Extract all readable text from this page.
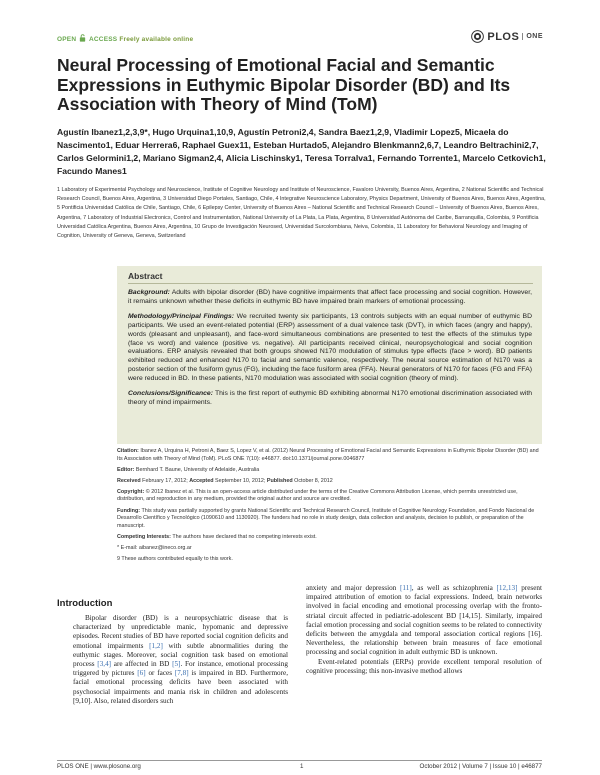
OPEN ACCESS Freely available online	PLOS	ONE
Neural Processing of Emotional Facial and Semantic Expressions in Euthymic Bipolar Disorder (BD) and Its Association with Theory of Mind (ToM)
Agustín Ibanez1,2,3,9*, Hugo Urquina1,10,9, Agustín Petroni2,4, Sandra Baez1,2,9, Vladimir Lopez5, Micaela do Nascimento1, Eduar Herrera6, Raphael Guex11, Esteban Hurtado5, Alejandro Blenkmann2,6,7, Leandro Beltrachini2,7, Carlos Gelormini1,2, Mariano Sigman2,4, Alicia Lischinsky1, Teresa Torralva1, Fernando Torrente1, Marcelo Cetkovich1, Facundo Manes1
1 Laboratory of Experimental Psychology and Neuroscience, Institute of Cognitive Neurology and Institute of Neuroscience, Favaloro University, Buenos Aires, Argentina, 2 National Scientific and Technical Research Council, Buenos Aires, Argentina, 3 Universidad Diego Portales, Santiago, Chile, 4 Integrative Neuroscience Laboratory, Physics Department, University of Buenos Aires, Buenos Aires, Argentina, 5 Pontificia Universidad Católica de Chile, Santiago, Chile, 6 Epilepsy Center, University of Buenos Aires – National Scientific and Technical Research Council – University of Buenos Aires, Buenos Aires, Argentina, 7 Laboratory of Industrial Electronics, Control and Instrumentation, National University of La Plata, La Plata, Argentina, 8 Universidad Autónoma del Caribe, Barranquilla, Colombia, 9 Pontificia Universidad Católica Argentina, Buenos Aires, Argentina, 10 Grupo de Investigación Neurosed, Universidad Surcolombiana, Neiva, Colombia, 11 Laboratory for Behavioral Neurology and Imaging of Cognition, University of Geneva, Geneva, Switzerland
Abstract

Background: Adults with bipolar disorder (BD) have cognitive impairments that affect face processing and social cognition. However, it remains unknown whether these deficits in euthymic BD have impaired brain markers of emotional processing.

Methodology/Principal Findings: We recruited twenty six participants, 13 controls subjects with an equal number of euthymic BD participants. We used an event-related potential (ERP) assessment of a dual valence task (DVT), in which faces (angry and happy), words (pleasant and unpleasant), and face-word simultaneous combinations are presented to test the effects of the stimulus type (face vs word) and valence (positive vs. negative). All participants received clinical, neuropsychological and social cognition evaluations. ERP analysis revealed that both groups showed N170 modulation of stimulus type effects (face > word). BD patients exhibited reduced and enhanced N170 to facial and semantic valence, respectively. The neural source estimation of N170 was a posterior section of the fusiform gyrus (FG), including the face fusiform area (FFA). Neural generators of N170 for faces (FG and FFA) were reduced in BD. In these patients, N170 modulation was associated with social cognition (theory of mind).

Conclusions/Significance: This is the first report of euthymic BD exhibiting abnormal N170 emotional discrimination associated with theory of mind impairments.

Citation: Ibanez A, Urquina H, Petroni A, Baez S, Lopez V, et al. (2012) Neural Processing of Emotional Facial and Semantic Expressions in Euthymic Bipolar Disorder (BD) and Its Association with Theory of Mind (ToM). PLoS ONE 7(10): e46877. doi:10.1371/journal.pone.0046877

Editor: Bernhard T. Baune, University of Adelaide, Australia

Received February 17, 2012; Accepted September 10, 2012; Published October 8, 2012

Copyright: © 2012 Ibanez et al. This is an open-access article distributed under the terms of the Creative Commons Attribution License, which permits unrestricted use, distribution, and reproduction in any medium, provided the original author and source are credited.

Funding: This study was partially supported by grants National Scientific and Technical Research Council, Institute of Cognitive Neurology Foundation, and Fondo Nacional de Desarrollo Científico y Tecnológico (1090610 and 1130920). The funders had no role in study design, data collection and analysis, decision to publish, or preparation of the manuscript.

Competing Interests: The authors have declared that no competing interests exist.

* E-mail: aibanez@ineco.org.ar

9 These authors contributed equally to this work.

Introduction

Bipolar disorder (BD) is a neuropsychiatric disease that is characterized by unpredictable manic, hypomanic and depressive episodes. Recent studies of BD have reported social cognition deficits and emotional impairments [1,2] with subtle abnormalities during the euthymic stages. Moreover, social cognition task based on emotional process [3,4] are affected in BD [5]. For instance, emotional processing triggered by pictures [6] or faces [7,8] is impaired in BD. Furthermore, facial emotional processing deficits have been associated with psychosocial impairments and mania risk in children and adolescents [9,10]. Also, related disorders such

anxiety and major depression [11], as well as schizophrenia [12,13] present impaired attribution of emotion to facial expressions. Indeed, brain networks involved in facial encoding and emotional processing overlap with the fronto-striatal circuit affected in pediatric-adolescent BD [14,15]. Similarly, impaired facial emotion processing and social cognition seems to be related to connectivity deficits between the amygdala and temporal association cortical regions [16]. Nevertheless, the relationship between brain measures of face emotional processing and social cognition in adult euthymic BD is unknown.

Event-related potentials (ERPs) provide excellent temporal resolution of cognitive processing; this non-invasive method allows

PLOS ONE | www.plosone.org	1	October 2012 | Volume 7 | Issue 10 | e46877
